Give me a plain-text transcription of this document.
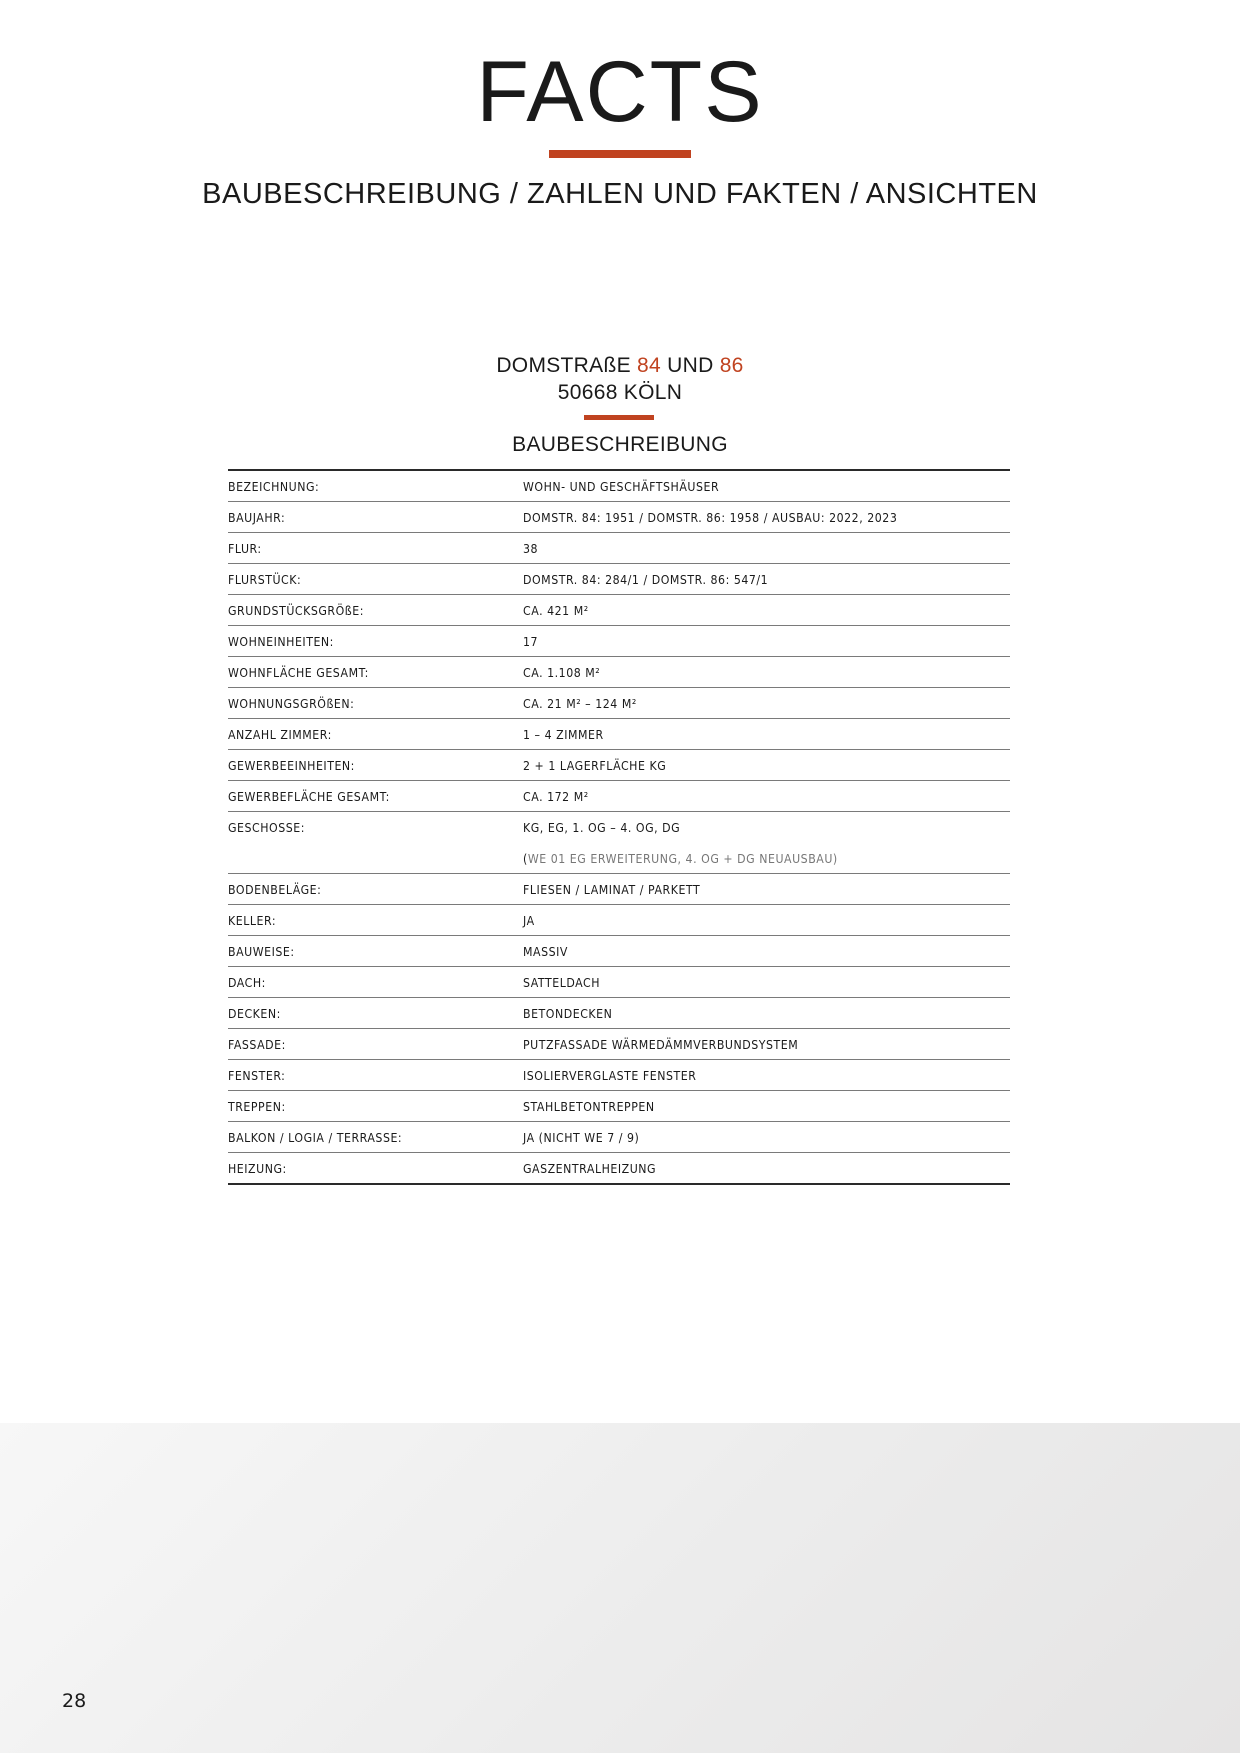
FACTS
BAUBESCHREIBUNG / ZAHLEN UND FAKTEN / ANSICHTEN
DOMSTRAßE 84 UND 86
50668 KÖLN
BAUBESCHREIBUNG
BEZEICHNUNG:	WOHN- UND GESCHÄFTSHÄUSER
BAUJAHR:	DOMSTR. 84: 1951 / DOMSTR. 86: 1958 / AUSBAU: 2022, 2023
FLUR:	38
FLURSTÜCK:	DOMSTR. 84: 284/1 / DOMSTR. 86: 547/1
GRUNDSTÜCKSGRÖßE:	CA. 421 M²
WOHNEINHEITEN:	17
WOHNFLÄCHE GESAMT:	CA. 1.108 M²
WOHNUNGSGRÖßEN:	CA. 21 M² – 124 M²
ANZAHL ZIMMER:	1 – 4 ZIMMER
GEWERBEEINHEITEN:	2 + 1 LAGERFLÄCHE KG
GEWERBEFLÄCHE GESAMT:	CA. 172 M²
GESCHOSSE:	KG, EG, 1. OG – 4. OG, DG
(WE 01 EG ERWEITERUNG, 4. OG + DG NEUAUSBAU)
BODENBELÄGE:	FLIESEN / LAMINAT / PARKETT
KELLER:	JA
BAUWEISE:	MASSIV
DACH:	SATTELDACH
DECKEN:	BETONDECKEN
FASSADE:	PUTZFASSADE WÄRMEDÄMMVERBUNDSYSTEM
FENSTER:	ISOLIERVERGLASTE FENSTER
TREPPEN:	STAHLBETONTREPPEN
BALKON / LOGIA / TERRASSE:	JA (NICHT WE 7 / 9)
HEIZUNG:	GASZENTRALHEIZUNG
28
